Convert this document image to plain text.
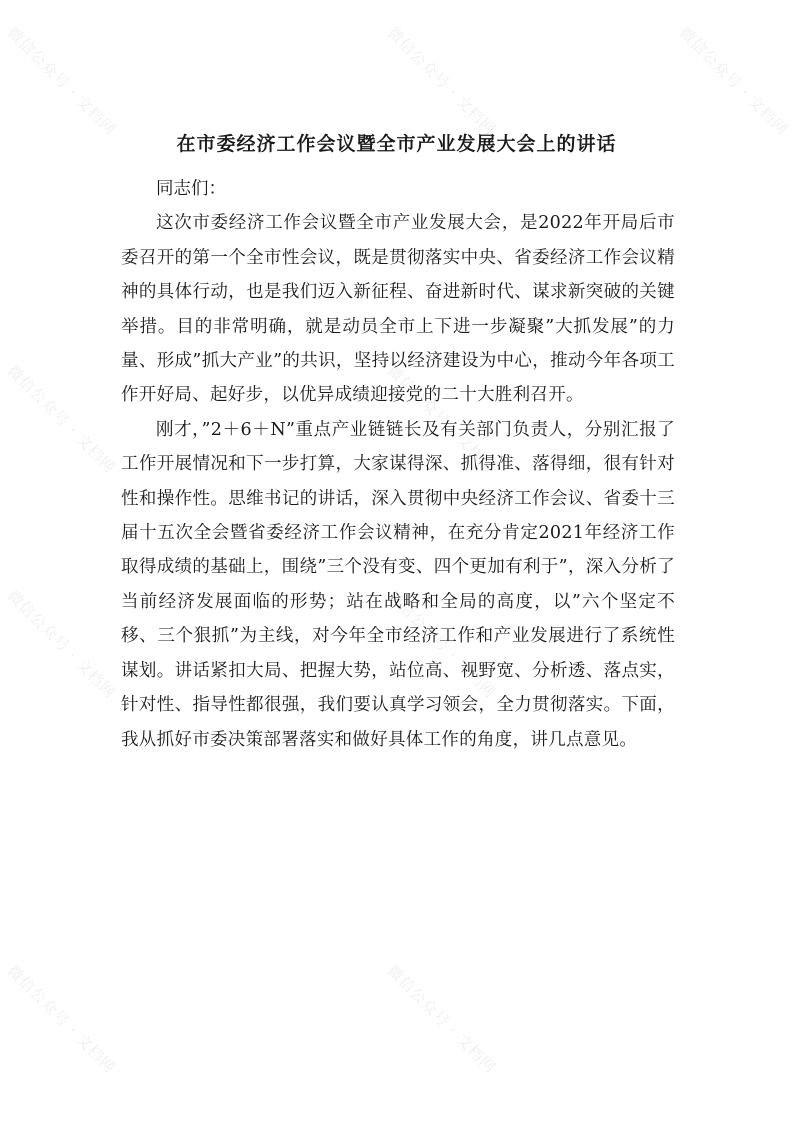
微信公众号 · 文档网	微信公众号 · 文档网	微信公众号 · 文档网
微信公众号 · 文档网	微信公众号 · 文档网
微信公众号 · 文档网	微信公众号 · 文档网
微信公众号 · 文档网	微信公众号 · 文档网
在市委经济工作会议暨全市产业发展大会上的讲话

同志们：

这次市委经济工作会议暨全市产业发展大会，是2022年开局后市委召开的第一个全市性会议，既是贯彻落实中央、省委经济工作会议精神的具体行动，也是我们迈入新征程、奋进新时代、谋求新突破的关键举措。目的非常明确，就是动员全市上下进一步凝聚”大抓发展”的力量、形成”抓大产业”的共识，坚持以经济建设为中心，推动今年各项工作开好局、起好步，以优异成绩迎接党的二十大胜利召开。

刚才，”2＋6＋N”重点产业链链长及有关部门负责人，分别汇报了工作开展情况和下一步打算，大家谋得深、抓得准、落得细，很有针对性和操作性。思维书记的讲话，深入贯彻中央经济工作会议、省委十三届十五次全会暨省委经济工作会议精神，在充分肯定2021年经济工作取得成绩的基础上，围绕”三个没有变、四个更加有利于”，深入分析了当前经济发展面临的形势；站在战略和全局的高度，以”六个坚定不移、三个狠抓”为主线，对今年全市经济工作和产业发展进行了系统性谋划。讲话紧扣大局、把握大势，站位高、视野宽、分析透、落点实，针对性、指导性都很强，我们要认真学习领会，全力贯彻落实。下面，我从抓好市委决策部署落实和做好具体工作的角度，讲几点意见。
